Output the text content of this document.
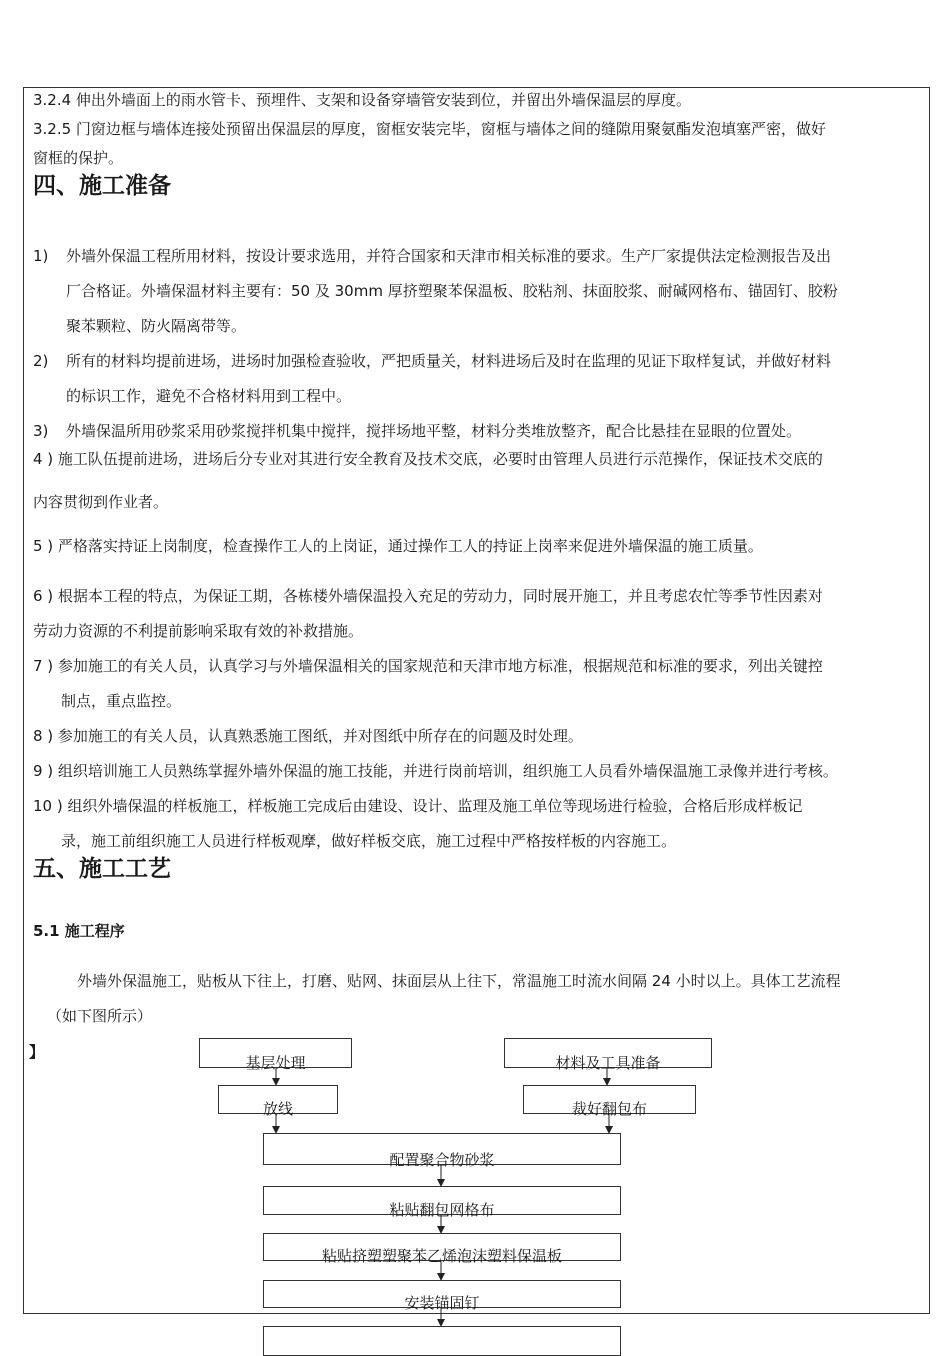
3.2.4 伸出外墙面上的雨水管卡、预埋件、支架和设备穿墙管安装到位，并留出外墙保温层的厚度。
3.2.5 门窗边框与墙体连接处预留出保温层的厚度，窗框安装完毕，窗框与墙体之间的缝隙用聚氨酯发泡填塞严密，做好
窗框的保护。
四、施工准备
1) 外墙外保温工程所用材料，按设计要求选用，并符合国家和天津市相关标准的要求。生产厂家提供法定检测报告及出
厂合格证。外墙保温材料主要有：50 及 30mm 厚挤塑聚苯保温板、胶粘剂、抹面胶浆、耐碱网格布、锚固钉、胶粉
聚苯颗粒、防火隔离带等。
2) 所有的材料均提前进场，进场时加强检查验收，严把质量关，材料进场后及时在监理的见证下取样复试，并做好材料
的标识工作，避免不合格材料用到工程中。
3) 外墙保温所用砂浆采用砂浆搅拌机集中搅拌，搅拌场地平整，材料分类堆放整齐，配合比悬挂在显眼的位置处。
4 ) 施工队伍提前进场，进场后分专业对其进行安全教育及技术交底，必要时由管理人员进行示范操作，保证技术交底的
内容贯彻到作业者。
5 ) 严格落实持证上岗制度，检查操作工人的上岗证，通过操作工人的持证上岗率来促进外墙保温的施工质量。
6 ) 根据本工程的特点，为保证工期，各栋楼外墙保温投入充足的劳动力，同时展开施工，并且考虑农忙等季节性因素对
劳动力资源的不利提前影响采取有效的补救措施。
7 ) 参加施工的有关人员，认真学习与外墙保温相关的国家规范和天津市地方标准，根据规范和标准的要求，列出关键控
制点，重点监控。
8 ) 参加施工的有关人员，认真熟悉施工图纸，并对图纸中所存在的问题及时处理。
9 ) 组织培训施工人员熟练掌握外墙外保温的施工技能，并进行岗前培训，组织施工人员看外墙保温施工录像并进行考核。
10 ) 组织外墙保温的样板施工，样板施工完成后由建设、设计、监理及施工单位等现场进行检验，合格后形成样板记
录，施工前组织施工人员进行样板观摩，做好样板交底，施工过程中严格按样板的内容施工。
五、施工工艺
5.1 施工程序
外墙外保温施工，贴板从下往上，打磨、贴网、抹面层从上往下，常温施工时流水间隔 24 小时以上。具体工艺流程
（如下图所示）
】
基层处理	材料及工具准备
放线	裁好翻包布
配置聚合物砂浆
粘贴翻包网格布
粘贴挤塑塑聚苯乙烯泡沫塑料保温板
安装锚固钉
